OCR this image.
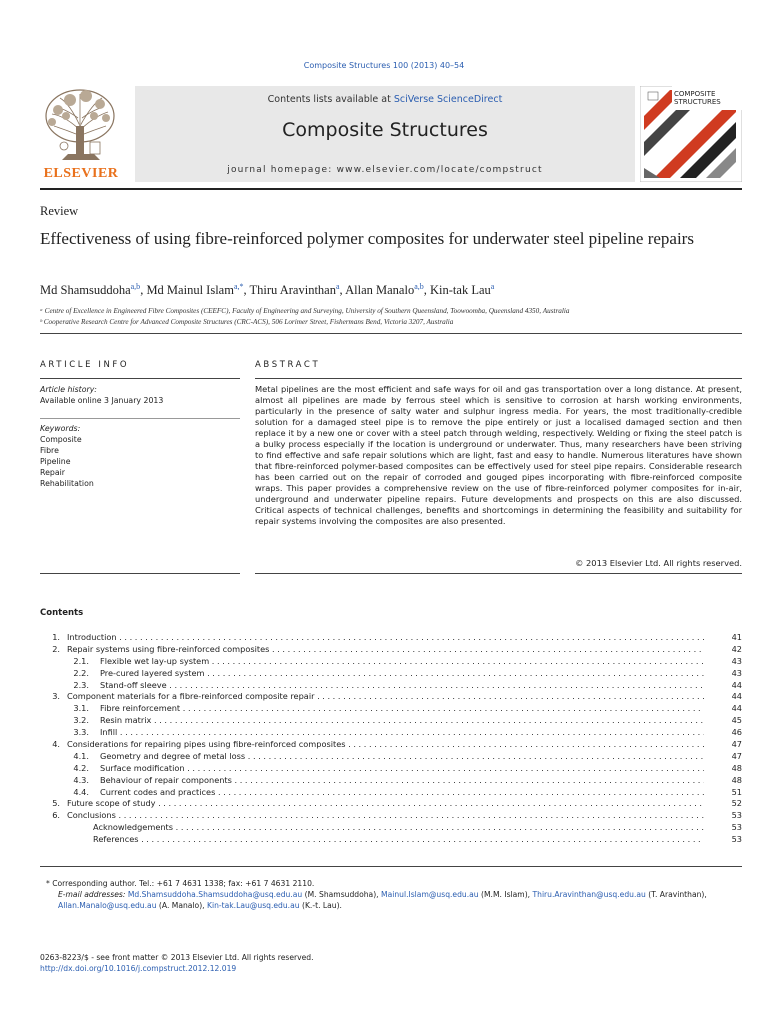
Composite Structures 100 (2013) 40–54
ELSEVIER
Contents lists available at SciVerse ScienceDirect
Composite Structures
journal homepage: www.elsevier.com/locate/compstruct
COMPOSITE
STRUCTURES
Review
Effectiveness of using fibre-reinforced polymer composites for underwater steel pipeline repairs
Md Shamsuddoha$^{a,b}$, Md Mainul Islam$^{a,*}$, Thiru Aravinthan$^a$, Allan Manalo$^{a,b}$, Kin-tak Lau$^a$
ᵃ Centre of Excellence in Engineered Fibre Composites (CEEFC), Faculty of Engineering and Surveying, University of Southern Queensland, Toowoomba, Queensland 4350, Australia
ᵇ Cooperative Research Centre for Advanced Composite Structures (CRC-ACS), 506 Lorimer Street, Fishermans Bend, Victoria 3207, Australia
ARTICLE INFO
Article history:
Available online 3 January 2013
Keywords:
Composite
Fibre
Pipeline
Repair
Rehabilitation
ABSTRACT
Metal pipelines are the most efficient and safe ways for oil and gas transportation over a long distance. At present, almost all pipelines are made by ferrous steel which is sensitive to corrosion at harsh working environments, particularly in the presence of salty water and sulphur ingress media. For years, the most traditionally-credible solution for a damaged steel pipe is to remove the pipe entirely or just a localised damaged section and then replace it by a new one or cover with a steel patch through welding, respectively. Welding or fixing the steel patch is a bulky process especially if the location is underground or underwater. Thus, many researchers have been striving to find effective and safe repair solutions which are light, fast and easy to handle. Numerous literatures have shown that fibre-reinforced polymer-based composites can be effectively used for steel pipe repairs. Considerable research has been carried out on the repair of corroded and gouged pipes incorporating with fibre-reinforced composite wraps. This paper provides a comprehensive review on the use of fibre-reinforced polymer composites for in-air, underground and underwater pipeline repairs. Future developments and prospects on this are also discussed. Critical aspects of technical challenges, benefits and shortcomings in determining the feasibility and suitability for repair systems involving the composites are also presented.
© 2013 Elsevier Ltd. All rights reserved.
Contents
1. Introduction . . .	41
2. Repair systems using fibre-reinforced composites . . .	42
2.1.	Flexible wet lay-up system . . .	43
2.2.	Pre-cured layered system . . .	43
2.3.	Stand-off sleeve . . .	44
3. Component materials for a fibre-reinforced composite repair . . .	44
3.1.	Fibre reinforcement . . .	44
3.2.	Resin matrix . . .	45
3.3.	Infill . . .	46
4. Considerations for repairing pipes using fibre-reinforced composites . . .	47
4.1.	Geometry and degree of metal loss . . .	47
4.2.	Surface modification . . .	48
4.3.	Behaviour of repair components . . .	48
4.4.	Current codes and practices . . .	51
5. Future scope of study . . .	52
6. Conclusions . . .	53
Acknowledgements . . .	53
References . . .	53
* Corresponding author. Tel.: +61 7 4631 1338; fax: +61 7 4631 2110.
E-mail addresses: Md.Shamsuddoha.Shamsuddoha@usq.edu.au (M. Shamsuddoha), Mainul.Islam@usq.edu.au (M.M. Islam), Thiru.Aravinthan@usq.edu.au (T. Aravinthan), Allan.Manalo@usq.edu.au (A. Manalo), Kin-tak.Lau@usq.edu.au (K.-t. Lau).
0263-8223/$ - see front matter © 2013 Elsevier Ltd. All rights reserved.
http://dx.doi.org/10.1016/j.compstruct.2012.12.019
